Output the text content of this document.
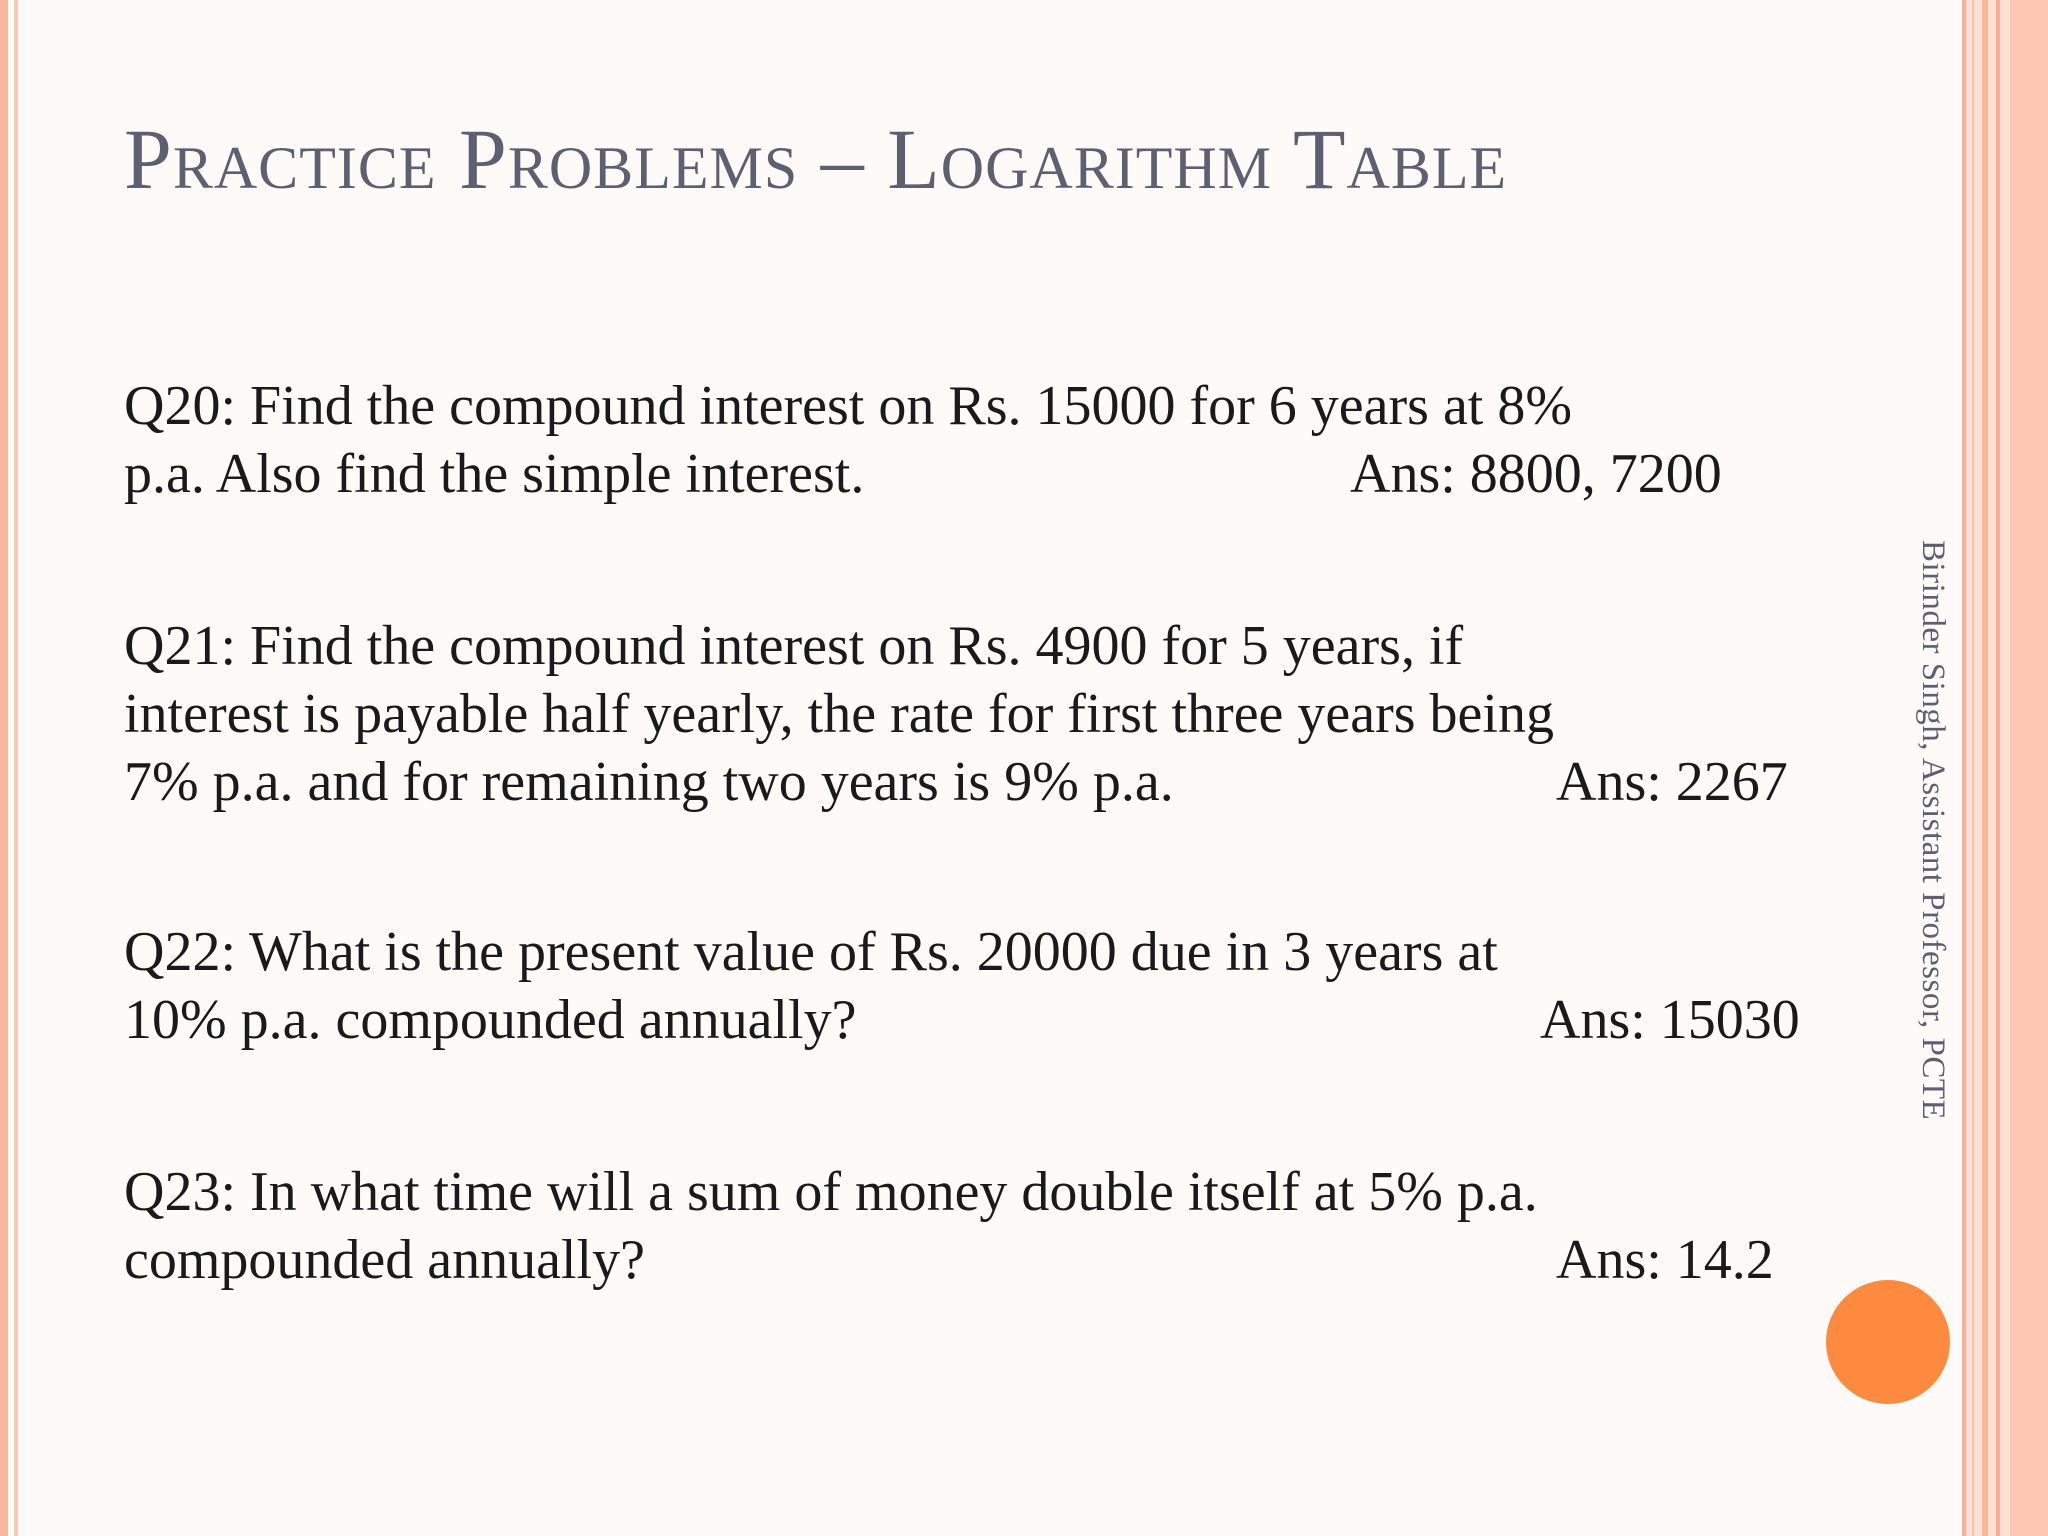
Practice Problems – Logarithm Table
Q20: Find the compound interest on Rs. 15000 for 6 years at 8%
p.a. Also find the simple interest.	Ans: 8800, 7200
Q21: Find the compound interest on Rs. 4900 for 5 years, if
interest is payable half yearly, the rate for first three years being
7% p.a. and for remaining two years is 9% p.a.	Ans: 2267
Q22: What is the present value of Rs. 20000 due in 3 years at
10% p.a. compounded annually?	Ans: 15030
Q23: In what time will a sum of money double itself at 5% p.a.
compounded annually?	Ans: 14.2
Birinder Singh, Assistant Professor, PCTE
